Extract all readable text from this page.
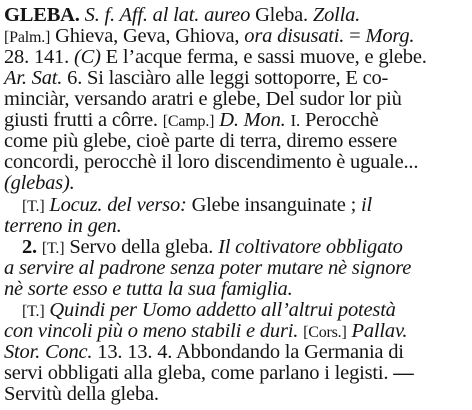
GLEBA. S. f. Aff. al lat. aureo Gleba. Zolla.
[Palm.] Ghieva, Geva, Ghiova, ora disusati. = Morg.
28. 141. (C) E l’acque ferma, e sassi muove, e glebe.
Ar. Sat. 6. Si lasciàro alle leggi sottoporre, E co-
minciàr, versando aratri e glebe, Del sudor lor più
giusti frutti a côrre. [Camp.] D. Mon. I. Perocchè
come più glebe, cioè parte di terra, diremo essere
concordi, perocchè il loro discendimento è uguale...
(glebas).
[T.] Locuz. del verso: Glebe insanguinate ; il
terreno in gen.
2. [T.] Servo della gleba. Il coltivatore obbligato
a servire al padrone senza poter mutare nè signore
nè sorte esso e tutta la sua famiglia.
[T.] Quindi per Uomo addetto all’altrui potestà
con vincoli più o meno stabili e duri. [Cors.] Pallav.
Stor. Conc. 13. 13. 4. Abbondando la Germania di
servi obbligati alla gleba, come parlano i legisti. —
Servitù della gleba.
